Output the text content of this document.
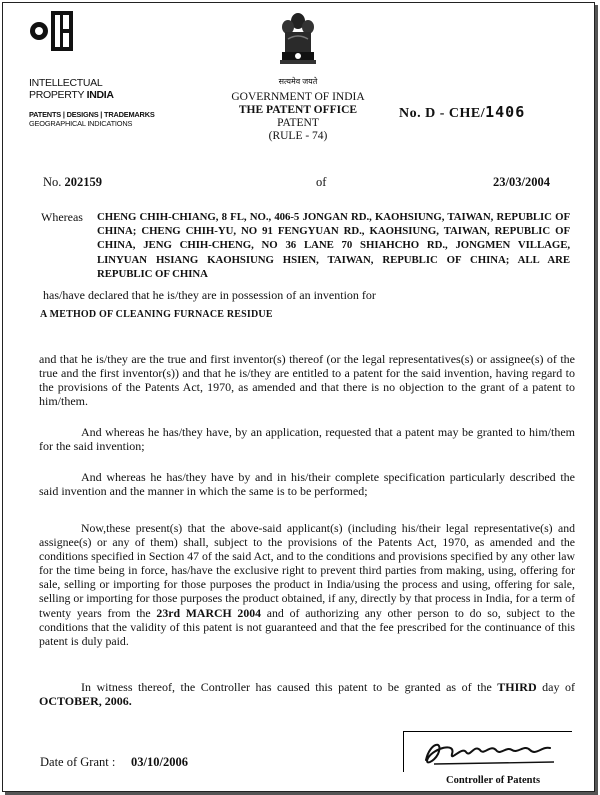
INTELLECTUAL
PROPERTY INDIA
PATENTS | DESIGNS | TRADEMARKS
GEOGRAPHICAL INDICATIONS
सत्यमेव जयते
GOVERNMENT OF INDIA
THE PATENT OFFICE
PATENT
(RULE - 74)
No. D - CHE/1406
No. 202159	of	23/03/2004
Whereas CHENG CHIH-CHIANG, 8 FL, NO., 406-5 JONGAN RD., KAOHSIUNG, TAIWAN, REPUBLIC OF CHINA; CHENG CHIH-YU, NO 91 FENGYUAN RD., KAOHSIUNG, TAIWAN, REPUBLIC OF CHINA, JENG CHIH-CHENG, NO 36 LANE 70 SHIAHCHO RD., JONGMEN VILLAGE, LINYUAN HSIANG KAOHSIUNG HSIEN, TAIWAN, REPUBLIC OF CHINA; ALL ARE REPUBLIC OF CHINA
has/have declared that he is/they are in possession of an invention for
A METHOD OF CLEANING FURNACE RESIDUE
and that he is/they are the true and first inventor(s) thereof (or the legal representatives(s) or assignee(s) of the true and the first inventor(s)) and that he is/they are entitled to a patent for the said invention, having regard to the provisions of the Patents Act, 1970, as amended and that there is no objection to the grant of a patent to him/them.
And whereas he has/they have, by an application, requested that a patent may be granted to him/them for the said invention;
And whereas he has/they have by and in his/their complete specification particularly described the said invention and the manner in which the same is to be performed;
Now,these present(s) that the above-said applicant(s) (including his/their legal representative(s) and assignee(s) or any of them) shall, subject to the provisions of the Patents Act, 1970, as amended and the conditions specified in Section 47 of the said Act, and to the conditions and provisions specified by any other law for the time being in force, has/have the exclusive right to prevent third parties from making, using, offering for sale, selling or importing for those purposes the product in India/using the process and using, offering for sale, selling or importing for those purposes the product obtained, if any, directly by that process in India, for a term of twenty years from the 23rd MARCH 2004 and of authorizing any other person to do so, subject to the conditions that the validity of this patent is not guaranteed and that the fee prescribed for the continuance of this patent is duly paid.
In witness thereof, the Controller has caused this patent to be granted as of the THIRD day of OCTOBER, 2006.
Date of Grant : 03/10/2006
Controller of Patents
